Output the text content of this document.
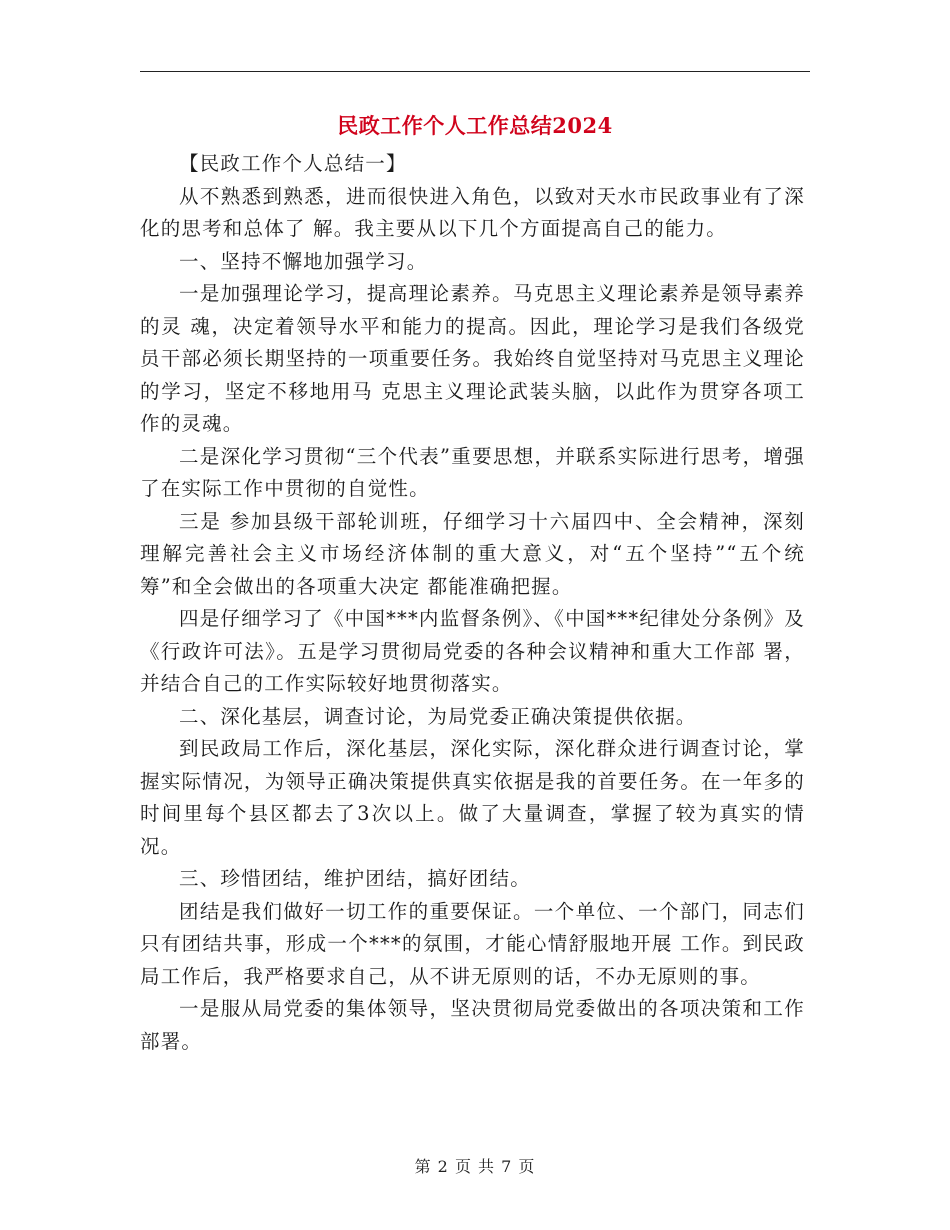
民政工作个人工作总结2024

【民政工作个人总结一】

从不熟悉到熟悉，进而很快进入角色，以致对天水市民政事业有了深化的思考和总体了 解。我主要从以下几个方面提高自己的能力。

一、坚持不懈地加强学习。

一是加强理论学习，提高理论素养。马克思主义理论素养是领导素养的灵 魂，决定着领导水平和能力的提高。因此，理论学习是我们各级党员干部必须长期坚持的一项重要任务。我始终自觉坚持对马克思主义理论的学习，坚定不移地用马 克思主义理论武装头脑，以此作为贯穿各项工作的灵魂。

二是深化学习贯彻“三个代表”重要思想，并联系实际进行思考，增强了在实际工作中贯彻的自觉性。

三是 参加县级干部轮训班，仔细学习十六届四中、全会精神，深刻理解完善社会主义市场经济体制的重大意义，对“五个坚持”“五个统筹”和全会做出的各项重大决定 都能准确把握。

四是仔细学习了《中国***内监督条例》、《中国***纪律处分条例》及《行政许可法》。五是学习贯彻局党委的各种会议精神和重大工作部 署，并结合自己的工作实际较好地贯彻落实。

二、深化基层，调查讨论，为局党委正确决策提供依据。

到民政局工作后，深化基层，深化实际，深化群众进行调查讨论，掌握实际情况，为领导正确决策提供真实依据是我的首要任务。在一年多的时间里每个县区都去了3次以上。做了大量调查，掌握了较为真实的情况。

三、珍惜团结，维护团结，搞好团结。

团结是我们做好一切工作的重要保证。一个单位、一个部门，同志们只有团结共事，形成一个***的氛围，才能心情舒服地开展 工作。到民政局工作后，我严格要求自己，从不讲无原则的话，不办无原则的事。

一是服从局党委的集体领导，坚决贯彻局党委做出的各项决策和工作部署。

第 2 页 共 7 页
